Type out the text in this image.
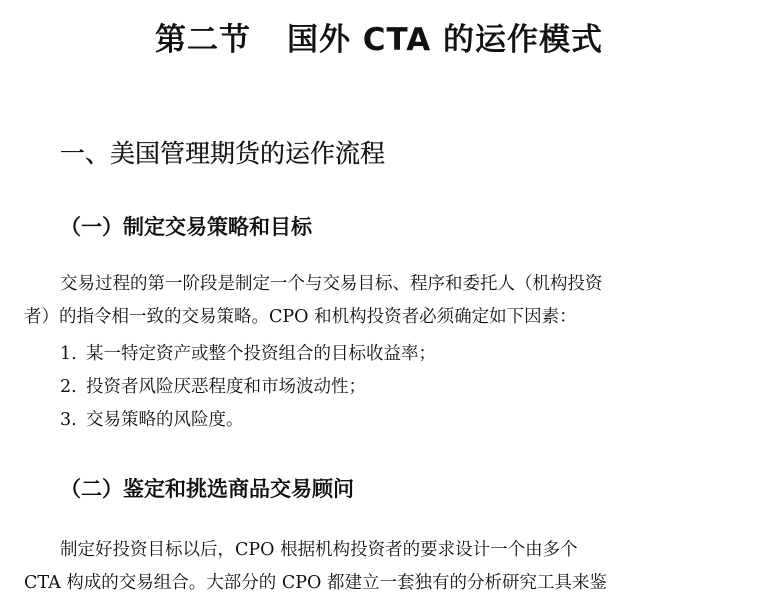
第二节 国外 CTA 的运作模式
一、美国管理期货的运作流程
（一）制定交易策略和目标
交易过程的第一阶段是制定一个与交易目标、程序和委托人（机构投资
者）的指令相一致的交易策略。CPO 和机构投资者必须确定如下因素：
1. 某一特定资产或整个投资组合的目标收益率；
2. 投资者风险厌恶程度和市场波动性；
3. 交易策略的风险度。
（二）鉴定和挑选商品交易顾问
制定好投资目标以后，CPO 根据机构投资者的要求设计一个由多个
CTA 构成的交易组合。大部分的 CPO 都建立一套独有的分析研究工具来鉴
